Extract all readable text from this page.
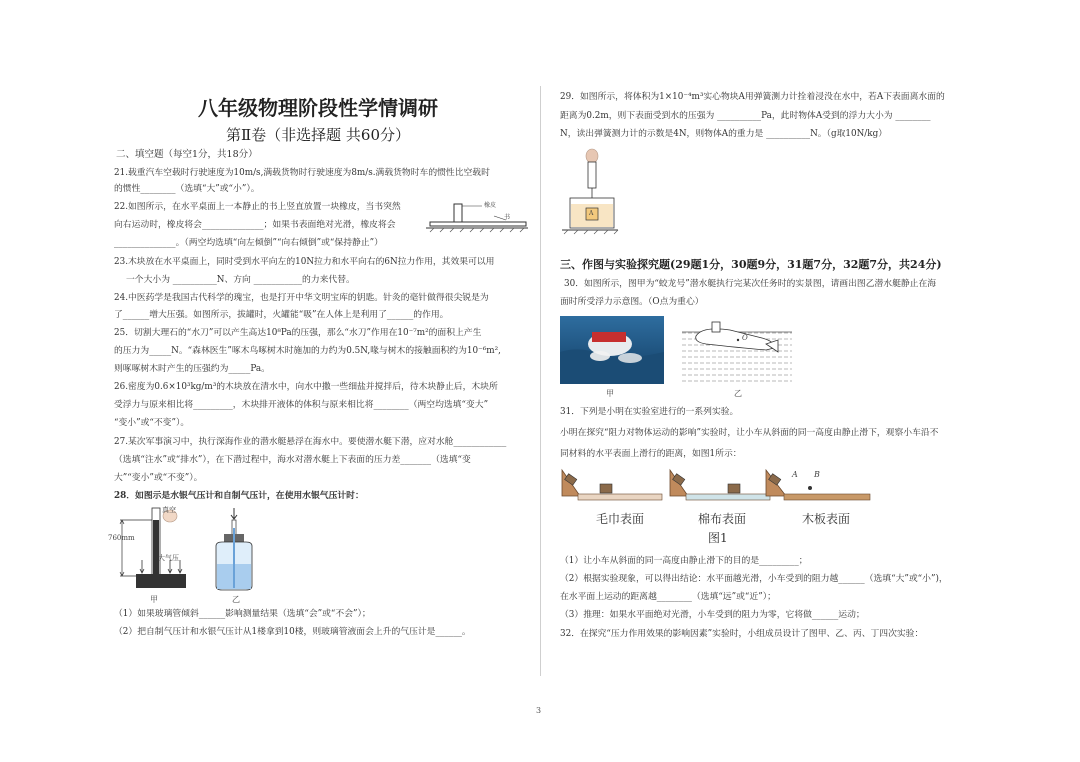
八年级物理阶段性学情调研
第Ⅱ卷（非选择题 共60分）
二、填空题（每空1分，共18分）
21.载重汽车空载时行驶速度为10m/s,满载货物时行驶速度为8m/s.满载货物时车的惯性比空载时
的惯性________（选填“大”或“小”）。
22.如图所示，在水平桌面上一本静止的书上竖直放置一块橡皮，当书突然
向右运动时，橡皮将会______________；如果书表面绝对光滑，橡皮将会
______________。（两空均选填“向左倾倒”“向右倾倒”或“保持静止”）
23.木块放在水平桌面上，同时受到水平向左的10N拉力和水平向右的6N拉力作用，其效果可以用
一个大小为 __________N、方向 ___________的力来代替。
24.中医药学是我国古代科学的瑰宝，也是打开中华文明宝库的钥匙。针灸的毫针做得很尖锐是为
了______增大压强。如图所示，拔罐时，火罐能“吸”在人体上是利用了______的作用。
25．切割大理石的“水刀”可以产生高达10⁸Pa的压强，那么“水刀”作用在10⁻⁷m²的面积上产生
的压力为_____N。“森林医生”啄木鸟啄树木时施加的力约为0.5N,喙与树木的接触面积约为10⁻⁶m²,
则啄啄树木时产生的压强约为_____Pa。
26.密度为0.6×10³kg/m³的木块放在清水中，向水中撒一些细盐并搅拌后，待木块静止后，木块所
受浮力与原来相比将_________，木块排开液体的体积与原来相比将________（两空均选填“变大”
“变小”或“不变”）。
27.某次军事演习中，执行深海作业的潜水艇悬浮在海水中。要使潜水艇下潜，应对水舱____________
（选填“注水”或“排水”），在下潜过程中，海水对潜水艇上下表面的压力差_______（选填“变
大”“变小”或“不变”）。
28．如图示是水银气压计和自制气压计，在使用水银气压计时：
橡皮
书
真空
760mm
大气压
甲	乙
（1）如果玻璃管倾斜______影响测量结果（选填“会”或“不会”）；
（2）把自制气压计和水银气压计从1楼拿到10楼，则玻璃管液面会上升的气压计是______。
29．如图所示，将体积为1×10⁻⁴m³实心物块A用弹簧测力计拴着浸没在水中，若A下表面离水面的
距离为0.2m，则下表面受到水的压强为 __________Pa，此时物体A受到的浮力大小为 ________
N，读出弹簧测力计的示数是4N，则物体A的重力是 __________N。（g取10N/kg）
A
三、作图与实验探究题(29题1分，30题9分，31题7分，32题7分，共24分)
30．如图所示，图甲为“蛟龙号”潜水艇执行完某次任务时的实景图，请画出图乙潜水艇静止在海
面时所受浮力示意图。（O点为重心）
O
甲	乙
31．下列是小明在实验室进行的一系列实验。
小明在探究“阻力对物体运动的影响”实验时，让小车从斜面的同一高度由静止滑下，观察小车沿不
同材料的水平表面上滑行的距离，如图1所示：
A B
毛巾表面	棉布表面	木板表面
图1
（1）让小车从斜面的同一高度由静止滑下的目的是_________；
（2）根据实验现象，可以得出结论：水平面越光滑，小车受到的阻力越______（选填“大”或“小”)，
在水平面上运动的距离越________（选填“远”或“近”）；
（3）推理：如果水平面绝对光滑，小车受到的阻力为零，它将做______运动；
32．在探究“压力作用效果的影响因素”实验时，小组成员设计了图甲、乙、丙、丁四次实验：
3
